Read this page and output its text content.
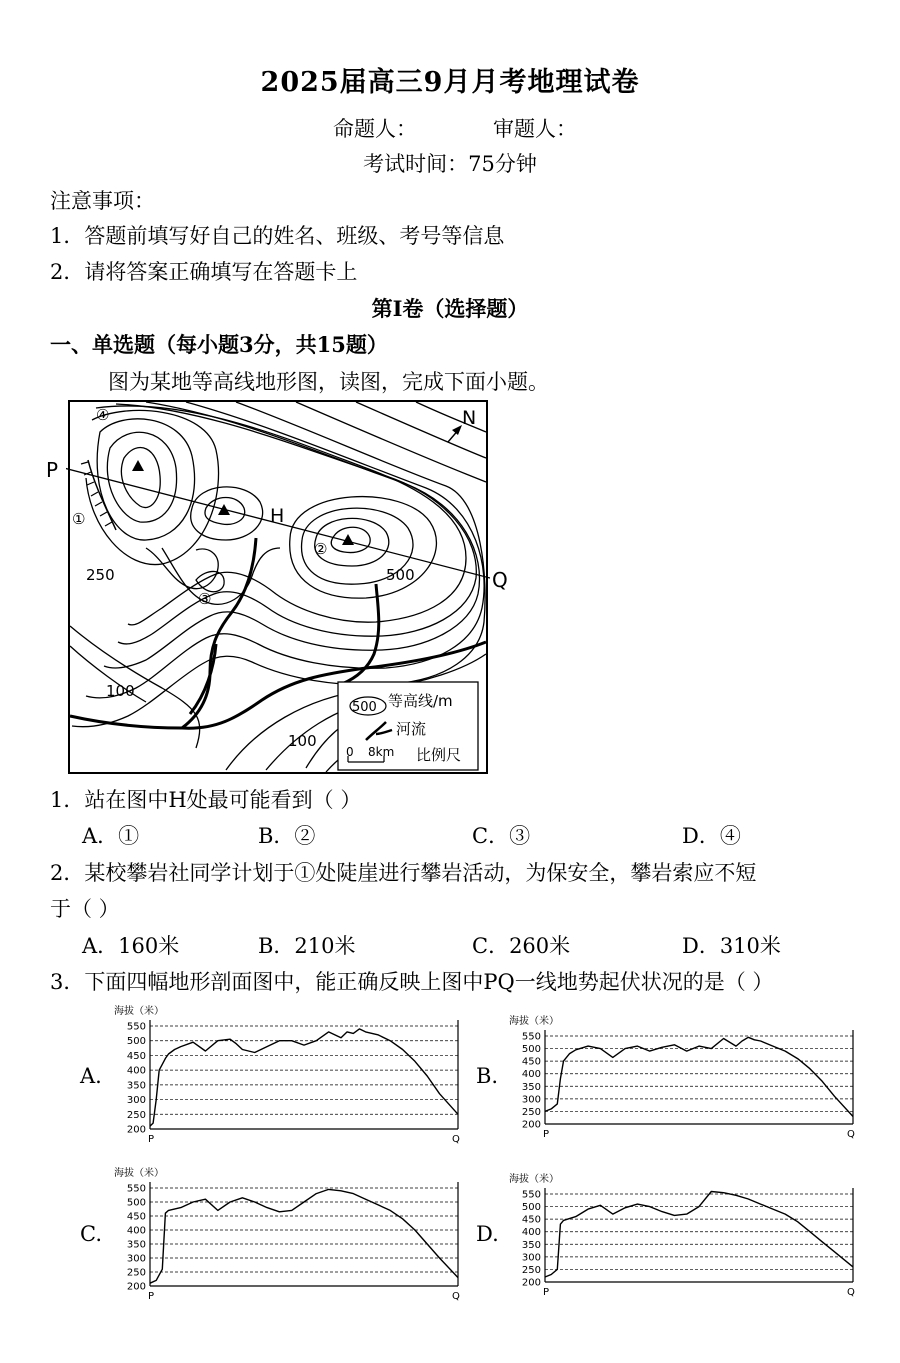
2025届高三9月月考地理试卷
命题人：	审题人：
考试时间：75分钟
注意事项：
1．答题前填写好自己的姓名、班级、考号等信息
2．请将答案正确填写在答题卡上
第Ⅰ卷（选择题）
一、单选题（每小题3分，共15题）
图为某地等高线地形图，读图，完成下面小题。
H
④
①
②
③
250	500
100
100
N
500 等高线/m
河流
0 8km 比例尺
P
Q
1．站在图中H处最可能看到（ ）
A．①	B．②	C．③	D．④
2．某校攀岩社同学计划于①处陡崖进行攀岩活动，为保安全，攀岩索应不短
于（ ）
A．160米	B．210米	C．260米	D．310米
3．下面四幅地形剖面图中，能正确反映上图中PQ一线地势起伏状况的是（ ）
A.	B.
C.	D.
海拔（米）
550
500
450
400
350
300
250
200
P	Q
海拔（米）
550
500
450
400
350
300
250
200
P	Q
海拔（米）
550
500
450
400
350
300
250
200
P	Q
海拔（米）
550
500
450
400
350
300
250
200
P	Q
